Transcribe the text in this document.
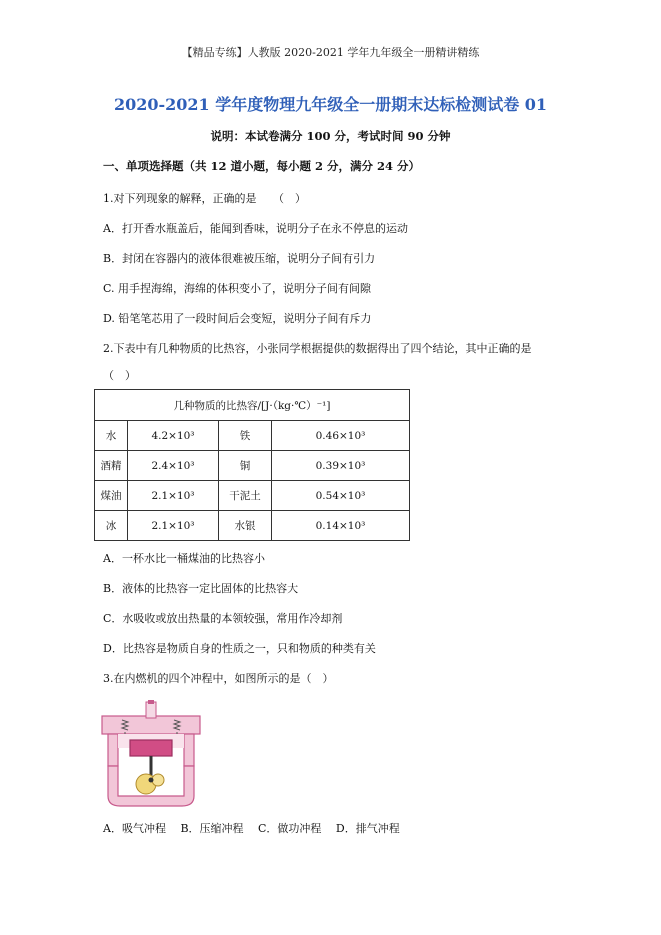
【精品专练】人教版 2020-2021 学年九年级全一册精讲精练
2020-2021 学年度物理九年级全一册期末达标检测试卷 01
说明：本试卷满分 100 分，考试时间 90 分钟
一、单项选择题（共 12 道小题，每小题 2 分，满分 24 分）
1.对下列现象的解释，正确的是　　（　）
A．打开香水瓶盖后，能闻到香味，说明分子在永不停息的运动
B．封闭在容器内的液体很难被压缩，说明分子间有引力
C. 用手捏海绵，海绵的体积变小了，说明分子间有间隙
D. 铅笔笔芯用了一段时间后会变短，说明分子间有斥力
2.下表中有几种物质的比热容，小张同学根据提供的数据得出了四个结论，其中正确的是
（　）
几种物质的比热容/[J·（kg·℃）⁻¹]			
水	4.2×10³	铁	0.46×10³
酒精	2.4×10³	铜	0.39×10³
煤油	2.1×10³	干泥土	0.54×10³
冰	2.1×10³	水银	0.14×10³
A．一杯水比一桶煤油的比热容小
B．液体的比热容一定比固体的比热容大
C．水吸收或放出热量的本领较强，常用作冷却剂
D．比热容是物质自身的性质之一，只和物质的种类有关
3.在内燃机的四个冲程中，如图所示的是（　）
A．吸气冲程　 B．压缩冲程　 C．做功冲程　 D．排气冲程
